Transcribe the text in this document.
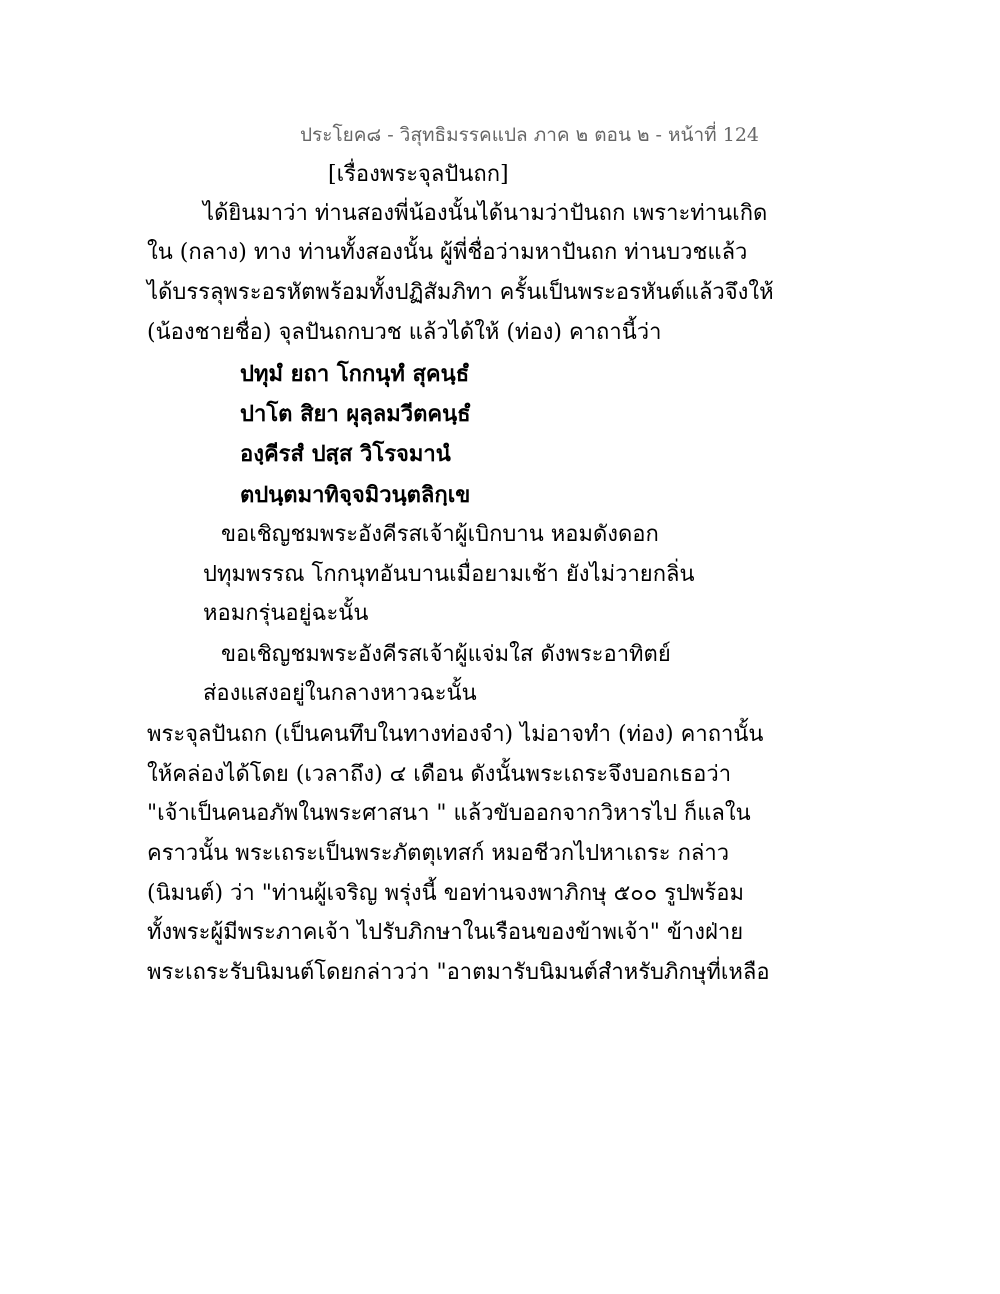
ประโยค๘ - วิสุทธิมรรคแปล ภาค ๒ ตอน ๒ - หน้าที่ 124
[เรื่องพระจุลปันถก]
ได้ยินมาว่า ท่านสองพี่น้องนั้นได้นามว่าปันถก เพราะท่านเกิด
ใน (กลาง) ทาง ท่านทั้งสองนั้น ผู้พี่ชื่อว่ามหาปันถก ท่านบวชแล้ว
ได้บรรลุพระอรหัตพร้อมทั้งปฏิสัมภิทา ครั้นเป็นพระอรหันต์แล้วจึงให้
(น้องชายชื่อ) จุลปันถกบวช แล้วได้ให้ (ท่อง) คาถานี้ว่า
ปทุมํ ยถา โกกนุทํ สุคนฺธํ
ปาโต สิยา ผุลฺลมวีตคนฺธํ
องฺคีรสํ ปสฺส วิโรจมานํ
ตปนฺตมาทิจฺจมิวนฺตลิกฺเข
ขอเชิญชมพระอังคีรสเจ้าผู้เบิกบาน หอมดังดอก
ปทุมพรรณ โกกนุทอันบานเมื่อยามเช้า ยังไม่วายกลิ่น
หอมกรุ่นอยู่ฉะนั้น
ขอเชิญชมพระอังคีรสเจ้าผู้แจ่มใส ดังพระอาทิตย์
ส่องแสงอยู่ในกลางหาวฉะนั้น
พระจุลปันถก (เป็นคนทึบในทางท่องจำ) ไม่อาจทำ (ท่อง) คาถานั้น
ให้คล่องได้โดย (เวลาถึง) ๔ เดือน ดังนั้นพระเถระจึงบอกเธอว่า
"เจ้าเป็นคนอภัพในพระศาสนา " แล้วขับออกจากวิหารไป ก็แลใน
คราวนั้น พระเถระเป็นพระภัตตุเทสก์ หมอชีวกไปหาเถระ กล่าว
(นิมนต์) ว่า "ท่านผู้เจริญ พรุ่งนี้ ขอท่านจงพาภิกษุ ๕๐๐ รูปพร้อม
ทั้งพระผู้มีพระภาคเจ้า ไปรับภิกษาในเรือนของข้าพเจ้า" ข้างฝ่าย
พระเถระรับนิมนต์โดยกล่าวว่า "อาตมารับนิมนต์สำหรับภิกษุที่เหลือ
